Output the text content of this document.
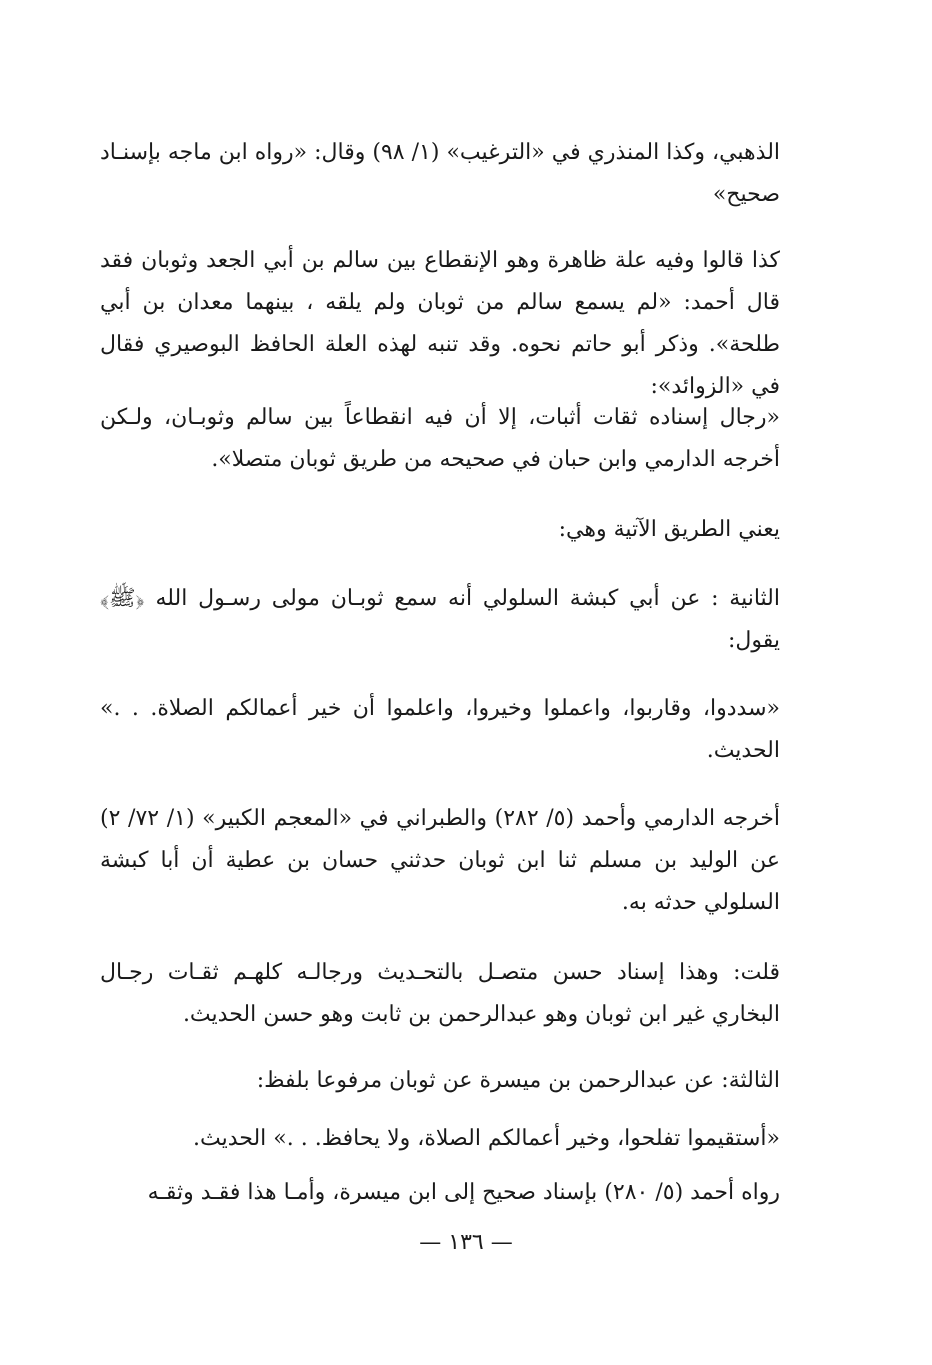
الذهبي، وكذا المنذري في «الترغيب» (١/ ٩٨) وقال: «رواه ابن ماجه بإسنـاد صحيح»

كذا قالوا وفيه علة ظاهرة وهو الإنقطاع بين سالم بن أبي الجعد وثوبان فقد قال أحمد: «لم يسمع سالم من ثوبان ولم يلقه ، بينهما معدان بن أبي طلحة». وذكر أبو حاتم نحوه. وقد تنبه لهذه العلة الحافظ البوصيري فقال في «الزوائد»:

«رجال إسناده ثقات أثبات، إلا أن فيه انقطاعاً بين سالم وثوبـان، ولـكن أخرجه الدارمي وابن حبان في صحيحه من طريق ثوبان متصلا».

يعني الطريق الآتية وهي:

الثانية : عن أبي كبشة السلولي أنه سمع ثوبـان مولى رسـول الله ﴿ﷺ﴾ يقول:

«سددوا، وقاربوا، واعملوا وخيروا، واعلموا أن خير أعمالكم الصلاة. . .» الحديث.

أخرجه الدارمي وأحمد (٥/ ٢٨٢) والطبراني في «المعجم الكبير» (١/ ٧٢/ ٢) عن الوليد بن مسلم ثنا ابن ثوبان حدثني حسان بن عطية أن أبا كبشة السلولي حدثه به.

قلت: وهذا إسناد حسن متصـل بالتحـديث ورجالـه كلهـم ثقـات رجـال البخاري غير ابن ثوبان وهو عبدالرحمن بن ثابت وهو حسن الحديث.

الثالثة: عن عبدالرحمن بن ميسرة عن ثوبان مرفوعا بلفظ:

«أستقيموا تفلحوا، وخير أعمالكم الصلاة، ولا يحافظ. . .» الحديث.

رواه أحمد (٥/ ٢٨٠) بإسناد صحيح إلى ابن ميسرة، وأمـا هذا فقـد وثقـه

— ١٣٦ —
